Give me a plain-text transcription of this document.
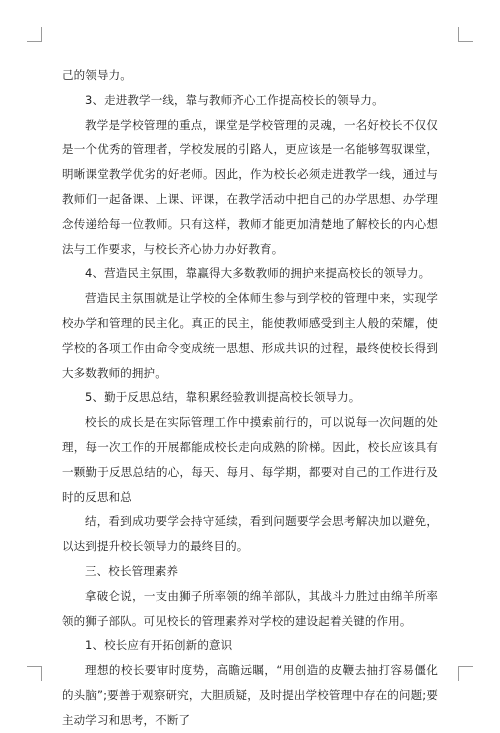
己的领导力。

3、走进教学一线，靠与教师齐心工作提高校长的领导力。

教学是学校管理的重点，课堂是学校管理的灵魂，一名好校长不仅仅是一个优秀的管理者，学校发展的引路人，更应该是一名能够驾驭课堂，明晰课堂教学优劣的好老师。因此，作为校长必须走进教学一线，通过与教师们一起备课、上课、评课，在教学活动中把自己的办学思想、办学理念传递给每一位教师。只有这样，教师才能更加清楚地了解校长的内心想法与工作要求，与校长齐心协力办好教育。

4、营造民主氛围，靠赢得大多数教师的拥护来提高校长的领导力。

营造民主氛围就是让学校的全体师生参与到学校的管理中来，实现学校办学和管理的民主化。真正的民主，能使教师感受到主人般的荣耀，使学校的各项工作由命令变成统一思想、形成共识的过程，最终使校长得到大多数教师的拥护。

5、勤于反思总结，靠积累经验教训提高校长领导力。

校长的成长是在实际管理工作中摸索前行的，可以说每一次问题的处理，每一次工作的开展都能成校长走向成熟的阶梯。因此，校长应该具有一颗勤于反思总结的心，每天、每月、每学期，都要对自己的工作进行及时的反思和总

结，看到成功要学会持守延续，看到问题要学会思考解决加以避免，以达到提升校长领导力的最终目的。

三、校长管理素养

拿破仑说，一支由狮子所率领的绵羊部队，其战斗力胜过由绵羊所率领的狮子部队。可见校长的管理素养对学校的建设起着关键的作用。

1、校长应有开拓创新的意识

理想的校长要审时度势，高瞻远瞩，“用创造的皮鞭去抽打容易僵化的头脑”;要善于观察研究，大胆质疑，及时提出学校管理中存在的问题;要主动学习和思考，不断了
